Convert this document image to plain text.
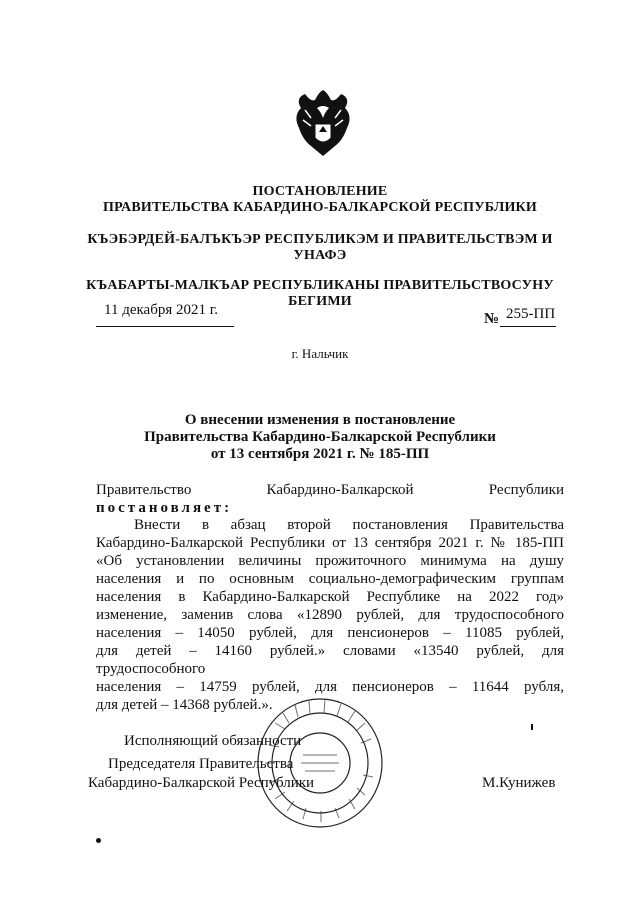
ПОСТАНОВЛЕНИЕ
ПРАВИТЕЛЬСТВА КАБАРДИНО-БАЛКАРСКОЙ РЕСПУБЛИКИ
КЪЭБЭРДЕЙ-БАЛЪКЪЭР РЕСПУБЛИКЭМ И ПРАВИТЕЛЬСТВЭМ И УНАФЭ
КЪАБАРТЫ-МАЛКЪАР РЕСПУБЛИКАНЫ ПРАВИТЕЛЬСТВОСУНУ БЕГИМИ
11 декабря 2021 г.
№ 255-ПП
г. Нальчик
О внесении изменения в постановление
Правительства Кабардино-Балкарской Республики
от 13 сентября 2021 г. № 185-ПП
Правительство	Кабардино-Балкарской	Республики
постановляет:
Внести в абзац второй постановления Правительства
Кабардино-Балкарской Республики от 13 сентября 2021 г. № 185-ПП
«Об установлении величины прожиточного минимума на душу
населения и по основным социально-демографическим группам
населения в Кабардино-Балкарской Республике на 2022 год»
изменение, заменив слова «12890 рублей, для трудоспособного
населения – 14050 рублей, для пенсионеров – 11085 рублей,
для детей – 14160 рублей.» словами «13540 рублей, для трудоспособного
населения – 14759 рублей, для пенсионеров – 11644 рубля,
для детей – 14368 рублей.».
Исполняющий обязанности
Председателя Правительства
Кабардино-Балкарской Республики	М.Кунижев
